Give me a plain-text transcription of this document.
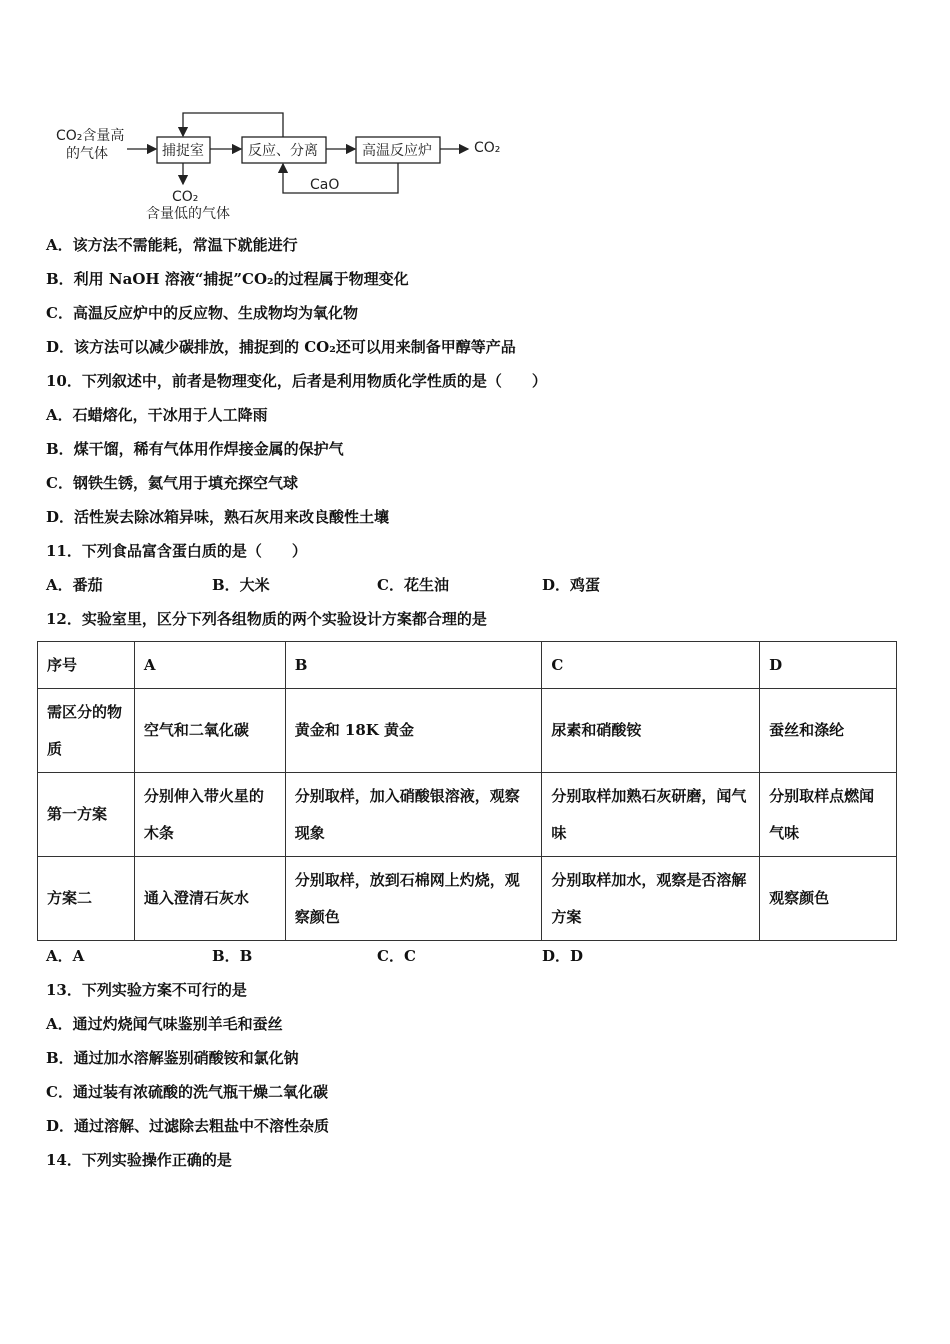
CO₂含量高
的气体	捕捉室	反应、分离	高温反应炉	CO₂
CaO
CO₂
含量低的气体
A．该方法不需能耗，常温下就能进行
B．利用 NaOH 溶液“捕捉”CO₂的过程属于物理变化
C．高温反应炉中的反应物、生成物均为氧化物
D．该方法可以减少碳排放，捕捉到的 CO₂还可以用来制备甲醇等产品
10．下列叙述中，前者是物理变化，后者是利用物质化学性质的是（　　）
A．石蜡熔化，干冰用于人工降雨
B．煤干馏，稀有气体用作焊接金属的保护气
C．钢铁生锈，氦气用于填充探空气球
D．活性炭去除冰箱异味，熟石灰用来改良酸性土壤
11．下列食品富含蛋白质的是（　　）
A．番茄	B．大米	C．花生油	D．鸡蛋
12．实验室里，区分下列各组物质的两个实验设计方案都合理的是
序号	A	B	C	D
需区分的物质	空气和二氧化碳	黄金和 18K 黄金	尿素和硝酸铵	蚕丝和涤纶
第一方案	分别伸入带火星的木条	分别取样，加入硝酸银溶液，观察现象	分别取样加熟石灰研磨，闻气味	分别取样点燃闻气味
方案二	通入澄清石灰水	分别取样，放到石棉网上灼烧，观察颜色	分别取样加水，观察是否溶解方案	观察颜色
A．A	B．B	C．C	D．D
13．下列实验方案不可行的是
A．通过灼烧闻气味鉴别羊毛和蚕丝
B．通过加水溶解鉴别硝酸铵和氯化钠
C．通过装有浓硫酸的洗气瓶干燥二氧化碳
D．通过溶解、过滤除去粗盐中不溶性杂质
14．下列实验操作正确的是
